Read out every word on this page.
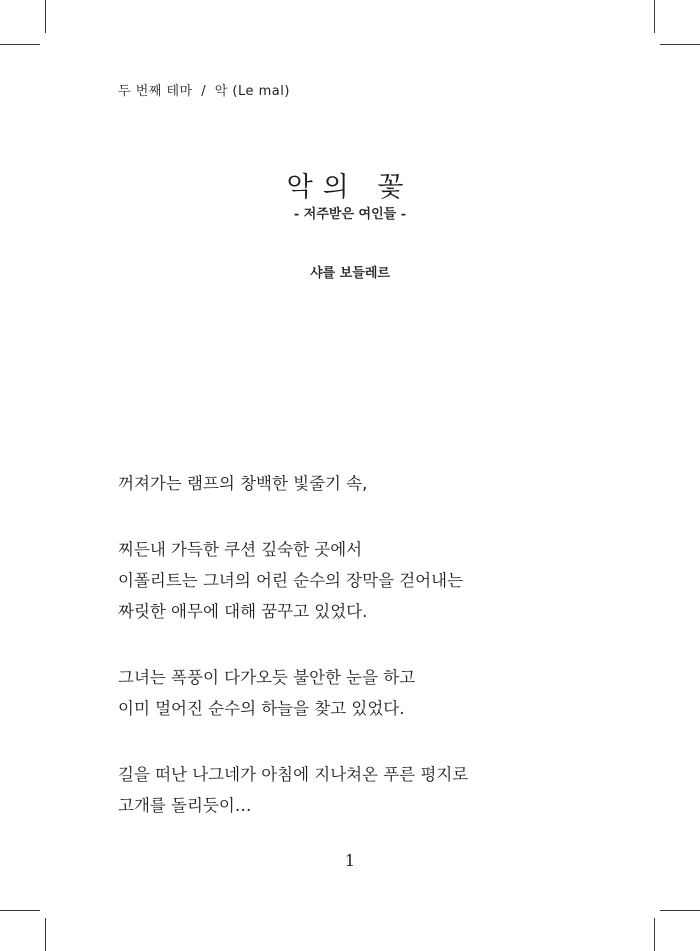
두 번째 테마 / 악 (Le mal)
악의 꽃
- 저주받은 여인들 -
샤를 보들레르
꺼져가는 램프의 창백한 빛줄기 속,
찌든내 가득한 쿠션 깊숙한 곳에서
이폴리트는 그녀의 어린 순수의 장막을 걷어내는
짜릿한 애무에 대해 꿈꾸고 있었다.
그녀는 폭풍이 다가오듯 불안한 눈을 하고
이미 멀어진 순수의 하늘을 찾고 있었다.
길을 떠난 나그네가 아침에 지나쳐온 푸른 평지로
고개를 돌리듯이…
1
